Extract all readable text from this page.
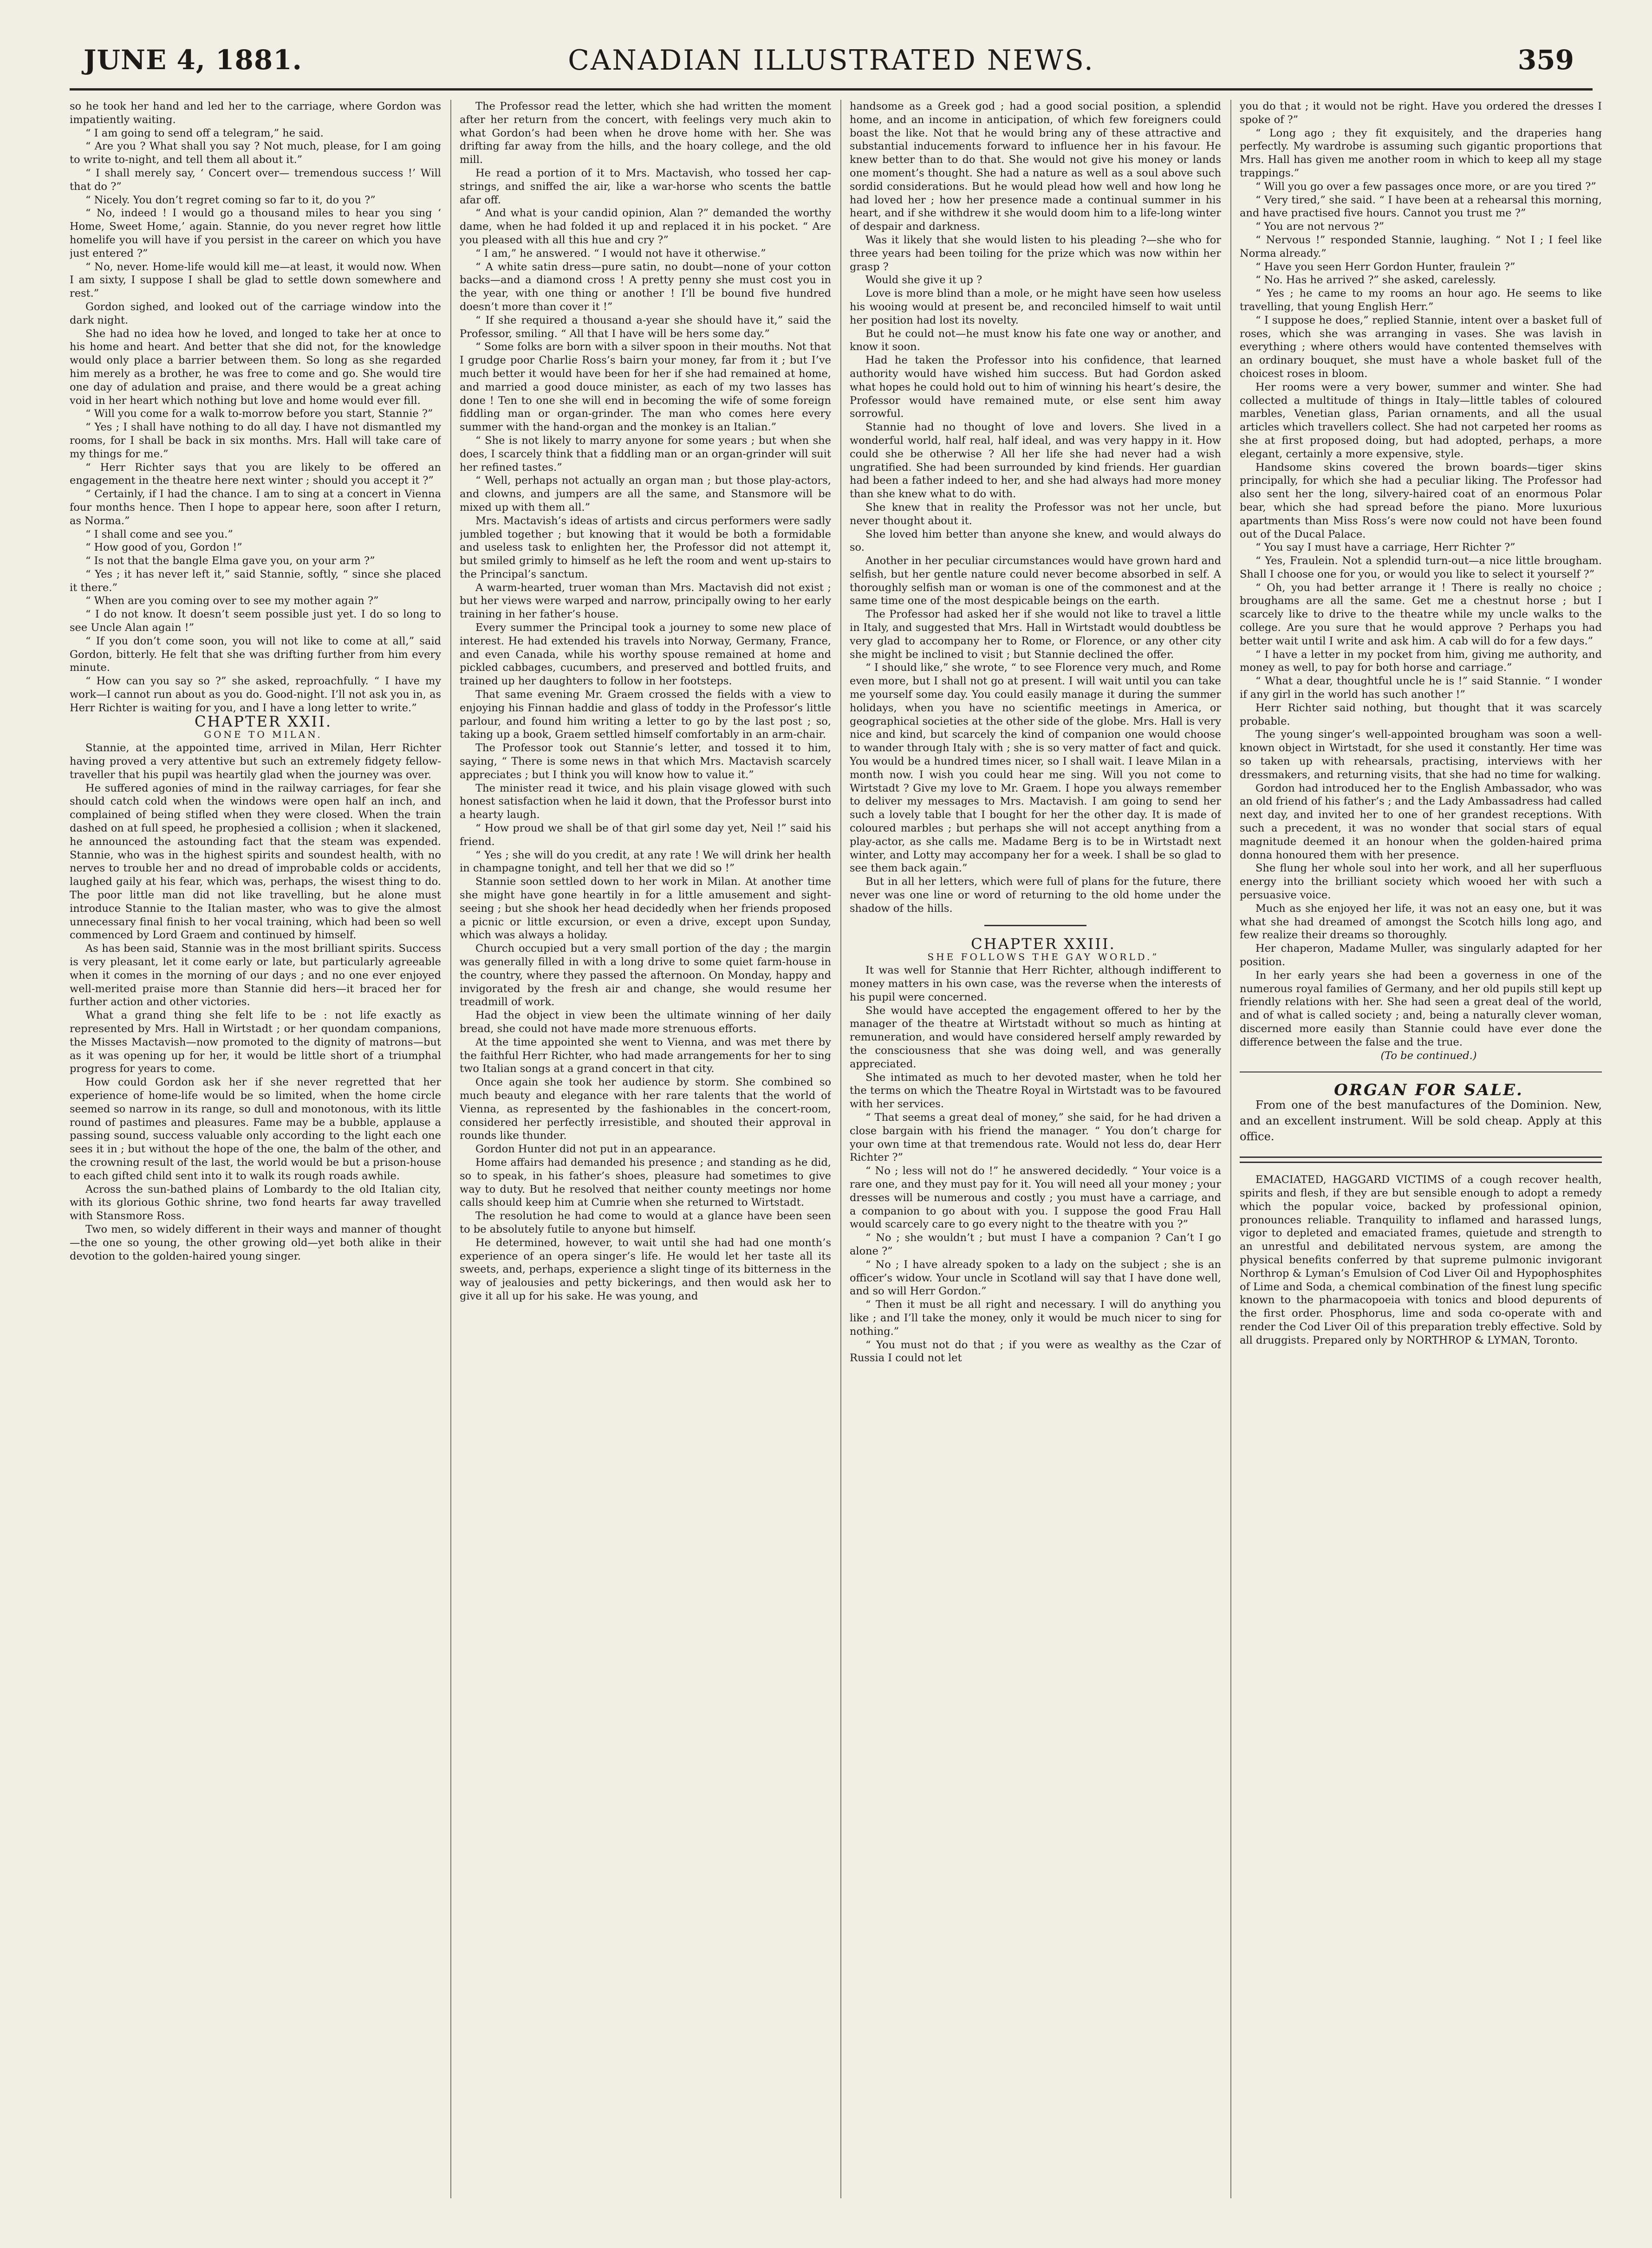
JUNE 4, 1881.	CANADIAN ILLUSTRATED NEWS.	359

so he took her hand and led her to the carriage, where Gordon was impatiently waiting.

“ I am going to send off a telegram,” he said.

“ Are you ? What shall you say ? Not much, please, for I am going to write to-night, and tell them all about it.”

“ I shall merely say, ‘ Concert over— tremendous success !’ Will that do ?”

“ Nicely. You don’t regret coming so far to it, do you ?”

“ No, indeed ! I would go a thousand miles to hear you sing ‘ Home, Sweet Home,’ again. Stannie, do you never regret how little homelife you will have if you persist in the career on which you have just entered ?”

“ No, never. Home-life would kill me—at least, it would now. When I am sixty, I suppose I shall be glad to settle down somewhere and rest.”

Gordon sighed, and looked out of the carriage window into the dark night.

She had no idea how he loved, and longed to take her at once to his home and heart. And better that she did not, for the knowledge would only place a barrier between them. So long as she regarded him merely as a brother, he was free to come and go. She would tire one day of adulation and praise, and there would be a great aching void in her heart which nothing but love and home would ever fill.

“ Will you come for a walk to-morrow before you start, Stannie ?”

“ Yes ; I shall have nothing to do all day. I have not dismantled my rooms, for I shall be back in six months. Mrs. Hall will take care of my things for me.”

“ Herr Richter says that you are likely to be offered an engagement in the theatre here next winter ; should you accept it ?”

“ Certainly, if I had the chance. I am to sing at a concert in Vienna four months hence. Then I hope to appear here, soon after I return, as Norma.”

“ I shall come and see you.”

“ How good of you, Gordon !”

“ Is not that the bangle Elma gave you, on your arm ?”

“ Yes ; it has never left it,” said Stannie, softly, “ since she placed it there.”

“ When are you coming over to see my mother again ?”

“ I do not know. It doesn’t seem possible just yet. I do so long to see Uncle Alan again !”

“ If you don’t come soon, you will not like to come at all,” said Gordon, bitterly. He felt that she was drifting further from him every minute.

“ How can you say so ?” she asked, reproachfully. “ I have my work—I cannot run about as you do. Good-night. I’ll not ask you in, as Herr Richter is waiting for you, and I have a long letter to write.”

CHAPTER XXII.

GONE TO MILAN.

Stannie, at the appointed time, arrived in Milan, Herr Richter having proved a very attentive but such an extremely fidgety fellow-traveller that his pupil was heartily glad when the journey was over.

He suffered agonies of mind in the railway carriages, for fear she should catch cold when the windows were open half an inch, and complained of being stifled when they were closed. When the train dashed on at full speed, he prophesied a collision ; when it slackened, he announced the astounding fact that the steam was expended. Stannie, who was in the highest spirits and soundest health, with no nerves to trouble her and no dread of improbable colds or accidents, laughed gaily at his fear, which was, perhaps, the wisest thing to do. The poor little man did not like travelling, but he alone must introduce Stannie to the Italian master, who was to give the almost unnecessary final finish to her vocal training, which had been so well commenced by Lord Graem and continued by himself.

As has been said, Stannie was in the most brilliant spirits. Success is very pleasant, let it come early or late, but particularly agreeable when it comes in the morning of our days ; and no one ever enjoyed well-merited praise more than Stannie did hers—it braced her for further action and other victories.

What a grand thing she felt life to be : not life exactly as represented by Mrs. Hall in Wirtstadt ; or her quondam companions, the Misses Mactavish—now promoted to the dignity of matrons—but as it was opening up for her, it would be little short of a triumphal progress for years to come.

How could Gordon ask her if she never regretted that her experience of home-life would be so limited, when the home circle seemed so narrow in its range, so dull and monotonous, with its little round of pastimes and pleasures. Fame may be a bubble, applause a passing sound, success valuable only according to the light each one sees it in ; but without the hope of the one, the balm of the other, and the crowning result of the last, the world would be but a prison-house to each gifted child sent into it to walk its rough roads awhile.

Across the sun-bathed plains of Lombardy to the old Italian city, with its glorious Gothic shrine, two fond hearts far away travelled with Stansmore Ross.

Two men, so widely different in their ways and manner of thought—the one so young, the other growing old—yet both alike in their devotion to the golden-haired young singer.

The Professor read the letter, which she had written the moment after her return from the concert, with feelings very much akin to what Gordon’s had been when he drove home with her. She was drifting far away from the hills, and the hoary college, and the old mill.

He read a portion of it to Mrs. Mactavish, who tossed her cap-strings, and sniffed the air, like a war-horse who scents the battle afar off.

“ And what is your candid opinion, Alan ?” demanded the worthy dame, when he had folded it up and replaced it in his pocket. “ Are you pleased with all this hue and cry ?”

“ I am,” he answered. “ I would not have it otherwise.”

“ A white satin dress—pure satin, no doubt—none of your cotton backs—and a diamond cross ! A pretty penny she must cost you in the year, with one thing or another ! I’ll be bound five hundred doesn’t more than cover it !”

“ If she required a thousand a-year she should have it,” said the Professor, smiling. “ All that I have will be hers some day.”

“ Some folks are born with a silver spoon in their mouths. Not that I grudge poor Charlie Ross’s bairn your money, far from it ; but I’ve much better it would have been for her if she had remained at home, and married a good douce minister, as each of my two lasses has done ! Ten to one she will end in becoming the wife of some foreign fiddling man or organ-grinder. The man who comes here every summer with the hand-organ and the monkey is an Italian.”

“ She is not likely to marry anyone for some years ; but when she does, I scarcely think that a fiddling man or an organ-grinder will suit her refined tastes.”

“ Well, perhaps not actually an organ man ; but those play-actors, and clowns, and jumpers are all the same, and Stansmore will be mixed up with them all.”

Mrs. Mactavish’s ideas of artists and circus performers were sadly jumbled together ; but knowing that it would be both a formidable and useless task to enlighten her, the Professor did not attempt it, but smiled grimly to himself as he left the room and went up-stairs to the Principal’s sanctum.

A warm-hearted, truer woman than Mrs. Mactavish did not exist ; but her views were warped and narrow, principally owing to her early training in her father’s house.

Every summer the Principal took a journey to some new place of interest. He had extended his travels into Norway, Germany, France, and even Canada, while his worthy spouse remained at home and pickled cabbages, cucumbers, and preserved and bottled fruits, and trained up her daughters to follow in her footsteps.

That same evening Mr. Graem crossed the fields with a view to enjoying his Finnan haddie and glass of toddy in the Professor’s little parlour, and found him writing a letter to go by the last post ; so, taking up a book, Graem settled himself comfortably in an arm-chair.

The Professor took out Stannie’s letter, and tossed it to him, saying, “ There is some news in that which Mrs. Mactavish scarcely appreciates ; but I think you will know how to value it.”

The minister read it twice, and his plain visage glowed with such honest satisfaction when he laid it down, that the Professor burst into a hearty laugh.

“ How proud we shall be of that girl some day yet, Neil !” said his friend.

“ Yes ; she will do you credit, at any rate ! We will drink her health in champagne tonight, and tell her that we did so !”

Stannie soon settled down to her work in Milan. At another time she might have gone heartily in for a little amusement and sight-seeing ; but she shook her head decidedly when her friends proposed a picnic or little excursion, or even a drive, except upon Sunday, which was always a holiday.

Church occupied but a very small portion of the day ; the margin was generally filled in with a long drive to some quiet farm-house in the country, where they passed the afternoon. On Monday, happy and invigorated by the fresh air and change, she would resume her treadmill of work.

Had the object in view been the ultimate winning of her daily bread, she could not have made more strenuous efforts.

At the time appointed she went to Vienna, and was met there by the faithful Herr Richter, who had made arrangements for her to sing two Italian songs at a grand concert in that city.

Once again she took her audience by storm. She combined so much beauty and elegance with her rare talents that the world of Vienna, as represented by the fashionables in the concert-room, considered her perfectly irresistible, and shouted their approval in rounds like thunder.

Gordon Hunter did not put in an appearance.

Home affairs had demanded his presence ; and standing as he did, so to speak, in his father’s shoes, pleasure had sometimes to give way to duty. But he resolved that neither county meetings nor home calls should keep him at Cumrie when she returned to Wirtstadt.

The resolution he had come to would at a glance have been seen to be absolutely futile to anyone but himself.

He determined, however, to wait until she had had one month’s experience of an opera singer’s life. He would let her taste all its sweets, and, perhaps, experience a slight tinge of its bitterness in the way of jealousies and petty bickerings, and then would ask her to give it all up for his sake. He was young, and

handsome as a Greek god ; had a good social position, a splendid home, and an income in anticipation, of which few foreigners could boast the like. Not that he would bring any of these attractive and substantial inducements forward to influence her in his favour. He knew better than to do that. She would not give his money or lands one moment’s thought. She had a nature as well as a soul above such sordid considerations. But he would plead how well and how long he had loved her ; how her presence made a continual summer in his heart, and if she withdrew it she would doom him to a life-long winter of despair and darkness.

Was it likely that she would listen to his pleading ?—she who for three years had been toiling for the prize which was now within her grasp ?

Would she give it up ?

Love is more blind than a mole, or he might have seen how useless his wooing would at present be, and reconciled himself to wait until her position had lost its novelty.

But he could not—he must know his fate one way or another, and know it soon.

Had he taken the Professor into his confidence, that learned authority would have wished him success. But had Gordon asked what hopes he could hold out to him of winning his heart’s desire, the Professor would have remained mute, or else sent him away sorrowful.

Stannie had no thought of love and lovers. She lived in a wonderful world, half real, half ideal, and was very happy in it. How could she be otherwise ? All her life she had never had a wish ungratified. She had been surrounded by kind friends. Her guardian had been a father indeed to her, and she had always had more money than she knew what to do with.

She knew that in reality the Professor was not her uncle, but never thought about it.

She loved him better than anyone she knew, and would always do so.

Another in her peculiar circumstances would have grown hard and selfish, but her gentle nature could never become absorbed in self. A thoroughly selfish man or woman is one of the commonest and at the same time one of the most despicable beings on the earth.

The Professor had asked her if she would not like to travel a little in Italy, and suggested that Mrs. Hall in Wirtstadt would doubtless be very glad to accompany her to Rome, or Florence, or any other city she might be inclined to visit ; but Stannie declined the offer.

“ I should like,” she wrote, “ to see Florence very much, and Rome even more, but I shall not go at present. I will wait until you can take me yourself some day. You could easily manage it during the summer holidays, when you have no scientific meetings in America, or geographical societies at the other side of the globe. Mrs. Hall is very nice and kind, but scarcely the kind of companion one would choose to wander through Italy with ; she is so very matter of fact and quick. You would be a hundred times nicer, so I shall wait. I leave Milan in a month now. I wish you could hear me sing. Will you not come to Wirtstadt ? Give my love to Mr. Graem. I hope you always remember to deliver my messages to Mrs. Mactavish. I am going to send her such a lovely table that I bought for her the other day. It is made of coloured marbles ; but perhaps she will not accept anything from a play-actor, as she calls me. Madame Berg is to be in Wirtstadt next winter, and Lotty may accompany her for a week. I shall be so glad to see them back again.”

But in all her letters, which were full of plans for the future, there never was one line or word of returning to the old home under the shadow of the hills.

CHAPTER XXIII.

SHE FOLLOWS THE GAY WORLD.”

It was well for Stannie that Herr Richter, although indifferent to money matters in his own case, was the reverse when the interests of his pupil were concerned.

She would have accepted the engagement offered to her by the manager of the theatre at Wirtstadt without so much as hinting at remuneration, and would have considered herself amply rewarded by the consciousness that she was doing well, and was generally appreciated.

She intimated as much to her devoted master, when he told her the terms on which the Theatre Royal in Wirtstadt was to be favoured with her services.

“ That seems a great deal of money,” she said, for he had driven a close bargain with his friend the manager. “ You don’t charge for your own time at that tremendous rate. Would not less do, dear Herr Richter ?”

“ No ; less will not do !” he answered decidedly. “ Your voice is a rare one, and they must pay for it. You will need all your money ; your dresses will be numerous and costly ; you must have a carriage, and a companion to go about with you. I suppose the good Frau Hall would scarcely care to go every night to the theatre with you ?”

“ No ; she wouldn’t ; but must I have a companion ? Can’t I go alone ?”

“ No ; I have already spoken to a lady on the subject ; she is an officer’s widow. Your uncle in Scotland will say that I have done well, and so will Herr Gordon.”

“ Then it must be all right and necessary. I will do anything you like ; and I’ll take the money, only it would be much nicer to sing for nothing.”

“ You must not do that ; if you were as wealthy as the Czar of Russia I could not let

you do that ; it would not be right. Have you ordered the dresses I spoke of ?”

“ Long ago ; they fit exquisitely, and the draperies hang perfectly. My wardrobe is assuming such gigantic proportions that Mrs. Hall has given me another room in which to keep all my stage trappings.”

“ Will you go over a few passages once more, or are you tired ?”

“ Very tired,” she said. “ I have been at a rehearsal this morning, and have practised five hours. Cannot you trust me ?”

“ You are not nervous ?”

“ Nervous !” responded Stannie, laughing. “ Not I ; I feel like Norma already.”

“ Have you seen Herr Gordon Hunter, fraulein ?”

“ No. Has he arrived ?” she asked, carelessly.

“ Yes ; he came to my rooms an hour ago. He seems to like travelling, that young English Herr.”

“ I suppose he does,” replied Stannie, intent over a basket full of roses, which she was arranging in vases. She was lavish in everything ; where others would have contented themselves with an ordinary bouquet, she must have a whole basket full of the choicest roses in bloom.

Her rooms were a very bower, summer and winter. She had collected a multitude of things in Italy—little tables of coloured marbles, Venetian glass, Parian ornaments, and all the usual articles which travellers collect. She had not carpeted her rooms as she at first proposed doing, but had adopted, perhaps, a more elegant, certainly a more expensive, style.

Handsome skins covered the brown boards—tiger skins principally, for which she had a peculiar liking. The Professor had also sent her the long, silvery-haired coat of an enormous Polar bear, which she had spread before the piano. More luxurious apartments than Miss Ross’s were now could not have been found out of the Ducal Palace.

“ You say I must have a carriage, Herr Richter ?”

“ Yes, Fraulein. Not a splendid turn-out—a nice little brougham. Shall I choose one for you, or would you like to select it yourself ?”

“ Oh, you had better arrange it ! There is really no choice ; broughams are all the same. Get me a chestnut horse ; but I scarcely like to drive to the theatre while my uncle walks to the college. Are you sure that he would approve ? Perhaps you had better wait until I write and ask him. A cab will do for a few days.”

“ I have a letter in my pocket from him, giving me authority, and money as well, to pay for both horse and carriage.”

“ What a dear, thoughtful uncle he is !” said Stannie. “ I wonder if any girl in the world has such another !”

Herr Richter said nothing, but thought that it was scarcely probable.

The young singer’s well-appointed brougham was soon a well-known object in Wirtstadt, for she used it constantly. Her time was so taken up with rehearsals, practising, interviews with her dressmakers, and returning visits, that she had no time for walking.

Gordon had introduced her to the English Ambassador, who was an old friend of his father’s ; and the Lady Ambassadress had called next day, and invited her to one of her grandest receptions. With such a precedent, it was no wonder that social stars of equal magnitude deemed it an honour when the golden-haired prima donna honoured them with her presence.

She flung her whole soul into her work, and all her superfluous energy into the brilliant society which wooed her with such a persuasive voice.

Much as she enjoyed her life, it was not an easy one, but it was what she had dreamed of amongst the Scotch hills long ago, and few realize their dreams so thoroughly.

Her chaperon, Madame Muller, was singularly adapted for her position.

In her early years she had been a governess in one of the numerous royal families of Germany, and her old pupils still kept up friendly relations with her. She had seen a great deal of the world, and of what is called society ; and, being a naturally clever woman, discerned more easily than Stannie could have ever done the difference between the false and the true.

(To be continued.)

ORGAN FOR SALE.

From one of the best manufactures of the Dominion. New, and an excellent instrument. Will be sold cheap. Apply at this office.

EMACIATED, HAGGARD VICTIMS of a cough recover health, spirits and flesh, if they are but sensible enough to adopt a remedy which the popular voice, backed by professional opinion, pronounces reliable. Tranquility to inflamed and harassed lungs, vigor to depleted and emaciated frames, quietude and strength to an unrestful and debilitated nervous system, are among the physical benefits conferred by that supreme pulmonic invigorant Northrop & Lyman’s Emulsion of Cod Liver Oil and Hypophosphites of Lime and Soda, a chemical combination of the finest lung specific known to the pharmacopoeia with tonics and blood depurents of the first order. Phosphorus, lime and soda co-operate with and render the Cod Liver Oil of this preparation trebly effective. Sold by all druggists. Prepared only by NORTHROP & LYMAN, Toronto.
